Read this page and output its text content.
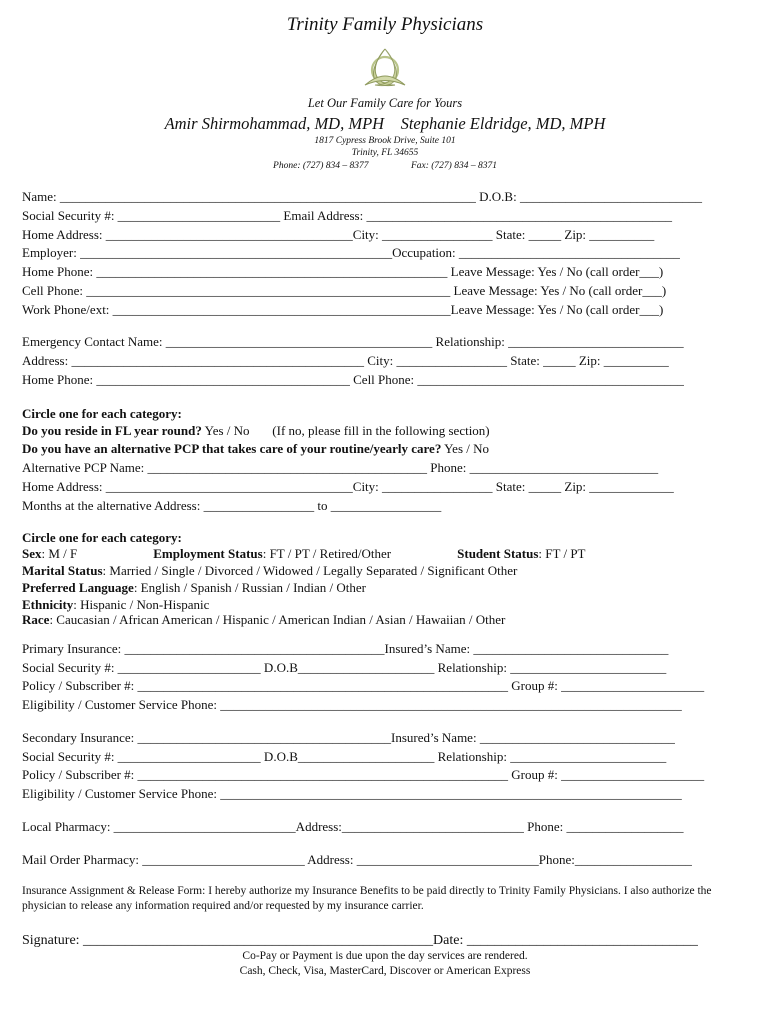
Trinity Family Physicians
Let Our Family Care for Yours
Amir Shirmohammad, MD, MPH    Stephanie Eldridge, MD, MPH
1817 Cypress Brook Drive, Suite 101
Trinity, FL 34655
Phone: (727) 834 – 8377	Fax: (727) 834 – 8371
Name: ________________________________________________________________ D.O.B: ____________________________
Social Security #: _________________________ Email Address: _______________________________________________
Home Address: ______________________________________City: _________________ State: _____ Zip: __________
Employer: ________________________________________________Occupation: __________________________________
Home Phone: ______________________________________________________ Leave Message: Yes / No (call order___)
Cell Phone: ________________________________________________________ Leave Message: Yes / No (call order___)
Work Phone/ext: ____________________________________________________Leave Message: Yes / No (call order___)
Emergency Contact Name: _________________________________________ Relationship: ___________________________
Address: _____________________________________________ City: _________________ State: _____ Zip: __________
Home Phone: _______________________________________ Cell Phone: _________________________________________
Circle one for each category:
Do you reside in FL year round? Yes / No       (If no, please fill in the following section)
Do you have an alternative PCP that takes care of your routine/yearly care? Yes / No
Alternative PCP Name: ___________________________________________ Phone: _____________________________
Home Address: ______________________________________City: _________________ State: _____ Zip: _____________
Months at the alternative Address: _________________ to _________________
Circle one for each category:
Sex: M / F	Employment Status: FT / PT / Retired/Other	Student Status: FT / PT
Marital Status: Married / Single / Divorced / Widowed / Legally Separated / Significant Other
Preferred Language: English / Spanish / Russian / Indian / Other
Ethnicity: Hispanic / Non-Hispanic
Race: Caucasian / African American / Hispanic / American Indian / Asian / Hawaiian / Other
Primary Insurance: ________________________________________Insured’s Name: ______________________________
Social Security #: ______________________ D.O.B_____________________ Relationship: ________________________
Policy / Subscriber #: _________________________________________________________ Group #: ______________________
Eligibility / Customer Service Phone: _______________________________________________________________________
Secondary Insurance: _______________________________________Insured’s Name: ______________________________
Social Security #: ______________________ D.O.B_____________________ Relationship: ________________________
Policy / Subscriber #: _________________________________________________________ Group #: ______________________
Eligibility / Customer Service Phone: _______________________________________________________________________
Local Pharmacy: ____________________________Address:____________________________ Phone: __________________
Mail Order Pharmacy: _________________________ Address: ____________________________Phone:__________________
Insurance Assignment & Release Form: I hereby authorize my Insurance Benefits to be paid directly to Trinity Family Physicians. I also authorize the physician to release any information required and/or requested by my insurance carrier.
Signature: __________________________________________________Date: _________________________________
Co-Pay or Payment is due upon the day services are rendered.
Cash, Check, Visa, MasterCard, Discover or American Express
